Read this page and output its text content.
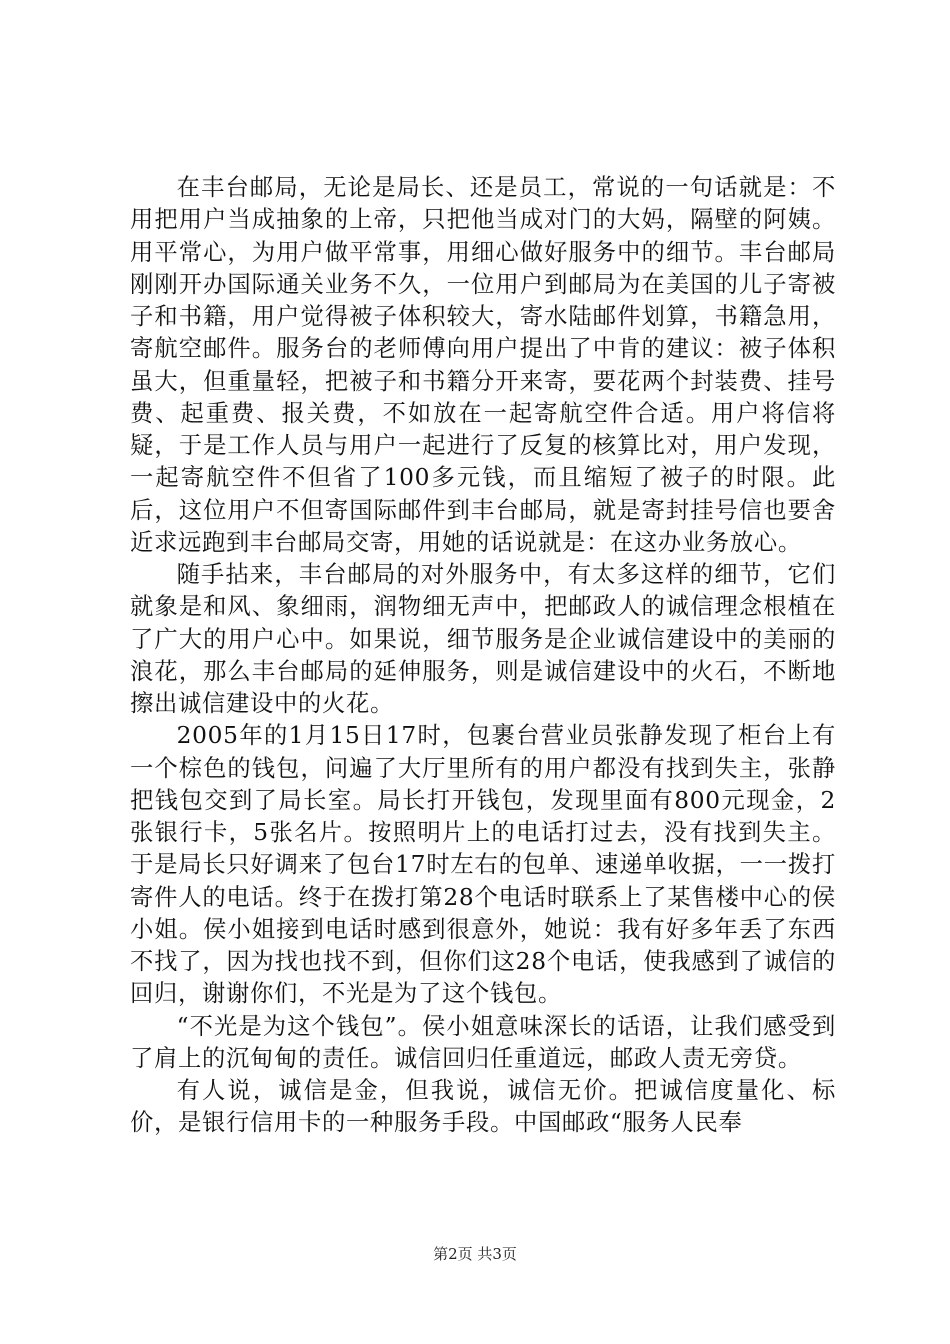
在丰台邮局，无论是局长、还是员工，常说的一句话就是：不用把用户当成抽象的上帝，只把他当成对门的大妈，隔壁的阿姨。用平常心，为用户做平常事，用细心做好服务中的细节。丰台邮局刚刚开办国际通关业务不久，一位用户到邮局为在美国的儿子寄被子和书籍，用户觉得被子体积较大，寄水陆邮件划算，书籍急用，寄航空邮件。服务台的老师傅向用户提出了中肯的建议：被子体积虽大，但重量轻，把被子和书籍分开来寄，要花两个封装费、挂号费、起重费、报关费，不如放在一起寄航空件合适。用户将信将疑，于是工作人员与用户一起进行了反复的核算比对，用户发现，一起寄航空件不但省了100多元钱，而且缩短了被子的时限。此后，这位用户不但寄国际邮件到丰台邮局，就是寄封挂号信也要舍近求远跑到丰台邮局交寄，用她的话说就是：在这办业务放心。

随手拈来，丰台邮局的对外服务中，有太多这样的细节，它们就象是和风、象细雨，润物细无声中，把邮政人的诚信理念根植在了广大的用户心中。如果说，细节服务是企业诚信建设中的美丽的浪花，那么丰台邮局的延伸服务，则是诚信建设中的火石，不断地擦出诚信建设中的火花。

2005年的1月15日17时，包裹台营业员张静发现了柜台上有一个棕色的钱包，问遍了大厅里所有的用户都没有找到失主，张静把钱包交到了局长室。局长打开钱包，发现里面有800元现金，2张银行卡，5张名片。按照明片上的电话打过去，没有找到失主。于是局长只好调来了包台17时左右的包单、速递单收据，一一拨打寄件人的电话。终于在拨打第28个电话时联系上了某售楼中心的侯小姐。侯小姐接到电话时感到很意外，她说：我有好多年丢了东西不找了，因为找也找不到，但你们这28个电话，使我感到了诚信的回归，谢谢你们，不光是为了这个钱包。

“不光是为这个钱包”。侯小姐意味深长的话语，让我们感受到了肩上的沉甸甸的责任。诚信回归任重道远，邮政人责无旁贷。

有人说，诚信是金，但我说，诚信无价。把诚信度量化、标价，是银行信用卡的一种服务手段。中国邮政“服务人民奉

第2页 共3页
